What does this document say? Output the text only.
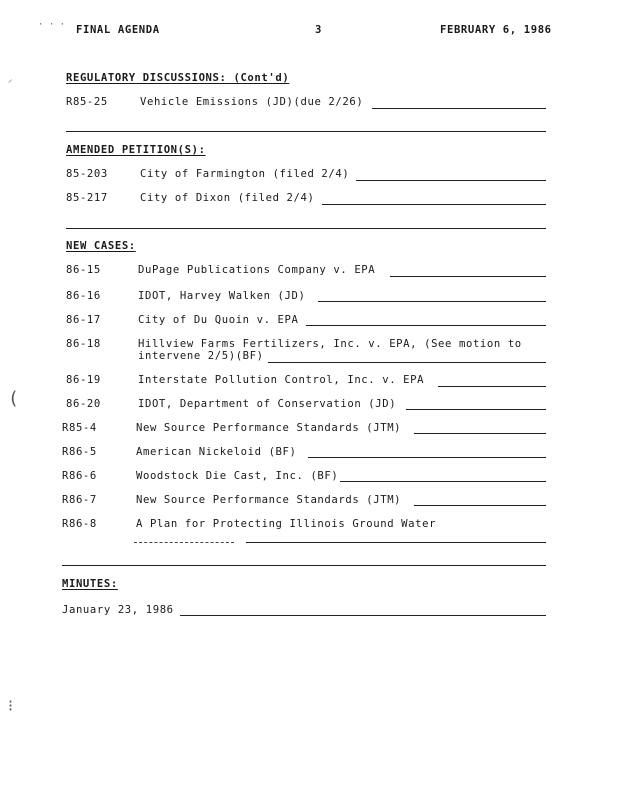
· · ·
⸝
(
⁝
FINAL AGENDA	3	FEBRUARY 6, 1986
REGULATORY DISCUSSIONS: (Cont'd)
R85-25	Vehicle Emissions (JD)(due 2/26)
AMENDED PETITION(S):
85-203	City of Farmington (filed 2/4)
85-217	City of Dixon (filed 2/4)
NEW CASES:
86-15	DuPage Publications Company v. EPA
86-16	IDOT, Harvey Walken (JD)
86-17	City of Du Quoin v. EPA
86-18	Hillview Farms Fertilizers, Inc. v. EPA, (See motion to
intervene 2/5)(BF)
86-19	Interstate Pollution Control, Inc. v. EPA
86-20	IDOT, Department of Conservation (JD)
R85-4	New Source Performance Standards (JTM)
R86-5	American Nickeloid (BF)
R86-6	Woodstock Die Cast, Inc. (BF)
R86-7	New Source Performance Standards (JTM)
R86-8	A Plan for Protecting Illinois Ground Water
MINUTES:
January 23, 1986
